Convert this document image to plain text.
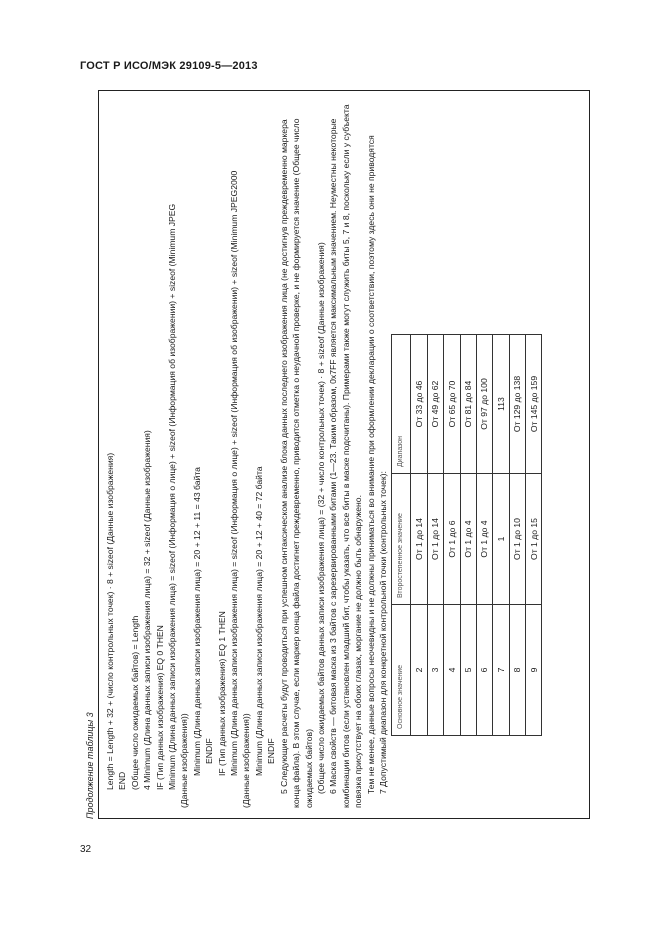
ГОСТ Р ИСО/МЭК 29109-5—2013
Продолжение таблицы 3 Length = Length + 32 + (число контрольных точек) · 8 + sizeof (Данные изображения) END (Общее число ожидаемых байтов) = Length 4 Minimum (Длина данных записи изображения лица) = 32 + sizeof (Данные изображения) IF (Тип данных изображения) EQ 0 THEN Minimum (Длина данных записи изображения лица) = sizeof (Информация о лице) + sizeof (Информация об изображении) + sizeof (Minimum JPEG (Данные изображения)) Minimum (Длина данных записи изображения лица) = 20 + 12 + 11 = 43 байта ENDIF IF (Тип данных изображения) EQ 1 THEN Minimum (Длина данных записи изображения лица) = sizeof (Информация о лице) + sizeof (Информация об изображении) + sizeof (Minimum JPEG2000 (Данные изображения)) Minimum (Длина данных записи изображения лица) = 20 + 12 + 40 = 72 байта ENDIF 5 Следующие расчеты будут проводиться при успешном синтаксическом анализе блока данных последнего изображения лица (не достигнув преждевременно маркера конца файла). В этом случае, если маркер конца файла достигнет преждевременно, приводится отметка о неудачной проверке, и не формируется значение (Общее число ожидаемых байтов) (Общее число ожидаемых байтов данных записи изображения лица) = (32 + число контрольных точек) · 8 + sizeof (Данные изображения) 6 Маска свойств — битовая маска из 3 байтов с зарезервированными битами (1—23. Таким образом, 0x7FF является максимальным значением. Неуместны некоторые комбинации битов (если установлен младший бит, чтобы указать, что все биты в маске подсчитаны). Примерами также могут служить биты 5, 7 и 8, поскольку если у субъекта повязка присутствует на обоих глазах, моргание не должно быть обнаружено. Тем не менее, данные вопросы неочевидны и не должны приниматься во внимание при оформлении декларации о соответствии, поэтому здесь они не приводятся 7 Допустимый диапазон для конкретной контрольной точки (контрольных точек): Основное значение	Второстепенное значение	Диапазон
2	От 1 до 14	От 33 до 46
3	От 1 до 14	От 49 до 62
4	От 1 до 6	От 65 до 70
5	От 1 до 4	От 81 до 84
6	От 1 до 4	От 97 до 100
7	1	113
8	От 1 до 10	От 129 до 138
9	От 1 до 15	От 145 до 159
32
